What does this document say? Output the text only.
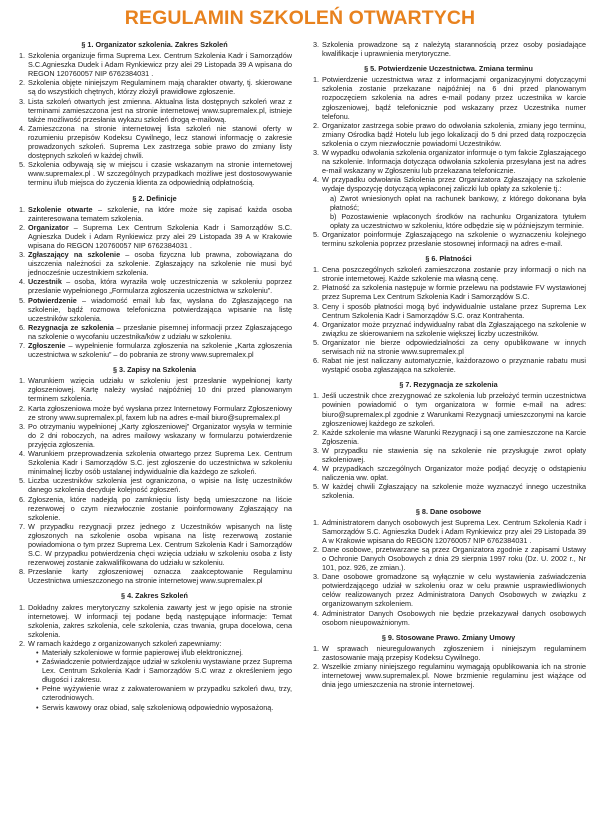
REGULAMIN SZKOLEŃ OTWARTYCH
§ 1. Organizator szkolenia. Zakres Szkoleń
1. Szkolenia organizuje firma Suprema Lex. Centrum Szkolenia Kadr i Samorządów S.C.Agnieszka Dudek i Adam Rynkiewicz przy alei 29 Listopada 39 A wpisana do REGON 120760057 NIP 6762384031 .
2. Szkolenia objęte niniejszym Regulaminem mają charakter otwarty, tj. skierowane są do wszystkich chętnych, którzy złożyli prawidłowe zgłoszenie.
3. Lista szkoleń otwartych jest zmienna. Aktualna lista dostępnych szkoleń wraz z terminami zamieszczona jest na stronie internetowej www.supremalex.pl, istnieje także możliwość przesłania wykazu szkoleń drogą e-mailową.
4. Zamieszczona na stronie internetowej lista szkoleń nie stanowi oferty w rozumieniu przepisów Kodeksu Cywilnego, lecz stanowi informację o zakresie prowadzonych szkoleń. Suprema Lex zastrzega sobie prawo do zmiany listy dostępnych szkoleń w każdej chwili.
5. Szkolenia odbywają się w miejscu i czasie wskazanym na stronie internetowej www.supremalex.pl . W szczególnych przypadkach możliwe jest dostosowywanie terminu i/lub miejsca do życzenia klienta za odpowiednią odpłatnością.
§ 2. Definicje
1. Szkolenie otwarte – szkolenie, na które może się zapisać każda osoba zainteresowana tematem szkolenia.
2. Organizator – Suprema Lex Centrum Szkolenia Kadr i Samorządów S.C. Agnieszka Dudek i Adam Rynkiewicz przy alei 29 Listopada 39 A w Krakowie wpisana do REGON 120760057 NIP 6762384031 .
3. Zgłaszający na szkolenie – osoba fizyczna lub prawna, zobowiązana do uiszczenia należności za szkolenie. Zgłaszający na szkolenie nie musi być jednocześnie uczestnikiem szkolenia.
4. Uczestnik – osoba, która wyraziła wolę uczestniczenia w szkoleniu poprzez przesłanie wypełnionego „Formularza zgłoszenia uczestnictwa w szkoleniu”.
5. Potwierdzenie – wiadomość email lub fax, wysłana do Zgłaszającego na szkolenie, bądź rozmowa telefoniczna potwierdzająca wpisanie na listę uczestników szkolenia.
6. Rezygnacja ze szkolenia – przesłanie pisemnej informacji przez Zgłaszającego na szkolenie o wycofaniu uczestnika/ków z udziału w szkoleniu.
7. Zgłoszenie – wypełnienie formularza zgłoszenia na szkolenie „Karta zgłoszenia uczestnictwa w szkoleniu” – do pobrania ze strony www.supremalex.pl
§ 3. Zapisy na Szkolenia
1. Warunkiem wzięcia udziału w szkoleniu jest przesłanie wypełnionej karty zgłoszeniowej. Kartę należy wysłać najpóźniej 10 dni przed planowanym terminem szkolenia.
2. Karta zgłoszeniowa może być wysłana przez Internetowy Formularz Zgłoszeniowy ze strony www.supremalex.pl, faxem lub na adres e-mail biuro@supremalex.pl
3. Po otrzymaniu wypełnionej „Karty zgłoszeniowej” Organizator wysyła w terminie do 2 dni roboczych, na adres mailowy wskazany w formularzu potwierdzenie przyjęcia zgłoszenia.
4. Warunkiem przeprowadzenia szkolenia otwartego przez Suprema Lex. Centrum Szkolenia Kadr i Samorządów S.C. jest zgłoszenie do uczestnictwa w szkoleniu minimalnej liczby osób ustalanej indywidualnie dla każdego ze szkoleń.
5. Liczba uczestników szkolenia jest ograniczona, o wpisie na listę uczestników danego szkolenia decyduje kolejność zgłoszeń.
6. Zgłoszenia, które nadejdą po zamknięciu listy będą umieszczone na liście rezerwowej o czym niezwłocznie zostanie poinformowany Zgłaszający na szkolenie.
7. W przypadku rezygnacji przez jednego z Uczestników wpisanych na listę zgłoszonych na szkolenie osoba wpisana na listę rezerwową zostanie powiadomiona o tym przez Suprema Lex. Centrum Szkolenia Kadr i Samorządów S.C. W przypadku potwierdzenia chęci wzięcia udziału w szkoleniu osoba z listy rezerwowej zostanie zakwalifikowana do udziału w szkoleniu.
8. Przesłanie karty zgłoszeniowej oznacza zaakceptowanie Regulaminu Uczestnictwa umieszczonego na stronie internetowej www.supremalex.pl
§ 4. Zakres Szkoleń
1. Dokładny zakres merytoryczny szkolenia zawarty jest w jego opisie na stronie internetowej. W informacji tej podane będą następujące informacje: Temat szkolenia, zakres szkolenia, cele szkolenia, czas trwania, grupa docelowa, cena szkolenia.
2. W ramach każdego z organizowanych szkoleń zapewniamy:
• Materiały szkoleniowe w formie papierowej i/lub elektronicznej.
• Zaświadczenie potwierdzające udział w szkoleniu wystawiane przez Suprema Lex. Centrum Szkolenia Kadr i Samorządów S.C wraz z określeniem jego długości i zakresu.
• Pełne wyżywienie wraz z zakwaterowaniem w przypadku szkoleń dwu, trzy, czterodniowych.
• Serwis kawowy oraz obiad, salę szkoleniową odpowiednio wyposażoną.
3. Szkolenia prowadzone są z należytą starannością przez osoby posiadające kwalifikacje i uprawnienia merytoryczne.
§ 5. Potwierdzenie Uczestnictwa. Zmiana terminu
1. Potwierdzenie uczestnictwa wraz z informacjami organizacyjnymi dotyczącymi szkolenia zostanie przekazane najpóźniej na 6 dni przed planowanym rozpoczęciem szkolenia na adres e-mail podany przez uczestnika w karcie zgłoszeniowej, bądź telefonicznie pod wskazany przez Uczestnika numer telefonu.
2. Organizator zastrzega sobie prawo do odwołania szkolenia, zmiany jego terminu, zmiany Ośrodka bądź Hotelu lub jego lokalizacji do 5 dni przed datą rozpoczęcia szkolenia o czym niezwłocznie powiadomi Uczestników.
3. W wypadku odwołania szkolenia organizator informuje o tym fakcie Zgłaszającego na szkolenie. Informacja dotycząca odwołania szkolenia przesyłana jest na adres e-mail wskazany w Zgłoszeniu lub przekazana telefonicznie.
4. W przypadku odwołania Szkolenia przez Organizatora Zgłaszający na szkolenie wydaje dyspozycję dotyczącą wpłaconej zaliczki lub opłaty za szkolenie tj.:
a) Zwrot wniesionych opłat na rachunek bankowy, z którego dokonana była płatność;
b) Pozostawienie wpłaconych środków na rachunku Organizatora tytułem opłaty za uczestnictwo w szkoleniu, które odbędzie się w późniejszym terminie.
5. Organizator poinformuje Zgłaszającego na szkolenie o wyznaczeniu kolejnego terminu szkolenia poprzez przesłanie stosownej informacji na adres e-mail.
§ 6. Płatności
1. Cena poszczególnych szkoleń zamieszczona zostanie przy informacji o nich na stronie internetowej. Każde szkolenie ma własną cenę.
2. Płatność za szkolenia następuje w formie przelewu na podstawie FV wystawionej przez Suprema Lex Centrum Szkolenia Kadr i Samorządów S.C.
3. Ceny i sposób płatności mogą być indywidualnie ustalane przez Suprema Lex Centrum Szkolenia Kadr i Samorządów S.C. oraz Kontrahenta.
4. Organizator może przyznać indywidualny rabat dla Zgłaszającego na szkolenie w związku ze skierowaniem na szkolenie większej liczby uczestników.
5. Organizator nie bierze odpowiedzialności za ceny opublikowane w innych serwisach niż na stronie www.supremalex.pl
6. Rabat nie jest naliczany automatycznie, każdorazowo o przyznanie rabatu musi wystąpić osoba zgłaszająca na szkolenie.
§ 7. Rezygnacja ze szkolenia
1. Jeśli uczestnik chce zrezygnować ze szkolenia lub przełożyć termin uczestnictwa powinien powiadomić o tym organizatora w formie e-mail na adres: biuro@supremalex.pl zgodnie z Warunkami Rezygnacji umieszczonymi na karcie zgłoszeniowej każdego ze szkoleń.
2. Każde szkolenie ma własne Warunki Rezygnacji i są one zamieszczone na Karcie Zgłoszenia.
3. W przypadku nie stawienia się na szkolenie nie przysługuje zwrot opłaty szkoleniowej.
4. W przypadkach szczególnych Organizator może podjąć decyzję o odstąpieniu naliczenia ww. opłat.
5. W każdej chwili Zgłaszający na szkolenie może wyznaczyć innego uczestnika szkolenia.
§ 8. Dane osobowe
1. Administratorem danych osobowych jest Suprema Lex. Centrum Szkolenia Kadr i Samorządów S.C. Agnieszka Dudek i Adam Rynkiewicz przy alei 29 Listopada 39 A w Krakowie wpisana do REGON 120760057 NIP 6762384031 .
2. Dane osobowe, przetwarzane są przez Organizatora zgodnie z zapisami Ustawy o Ochronie Danych Osobowych z dnia 29 sierpnia 1997 roku (Dz. U. 2002 r., Nr 101, poz. 926, ze zmian.).
3. Dane osobowe gromadzone są wyłącznie w celu wystawienia zaświadczenia potwierdzającego udział w szkoleniu oraz w celu prawnie usprawiedliwionych celów realizowanych przez Administratora Danych Osobowych w związku z organizowanym szkoleniem.
4. Administrator Danych Osobowych nie będzie przekazywał danych osobowych osobom nieupoważnionym.
§ 9. Stosowane Prawo. Zmiany Umowy
1. W sprawach nieuregulowanych zgłoszeniem i niniejszym regulaminem zastosowanie mają przepisy Kodeksu Cywilnego.
2. Wszelkie zmiany niniejszego regulaminu wymagają opublikowania ich na stronie internetowej www.supremalex.pl. Nowe brzmienie regulaminu jest wiążące od dnia jego umieszczenia na stronie internetowej.
